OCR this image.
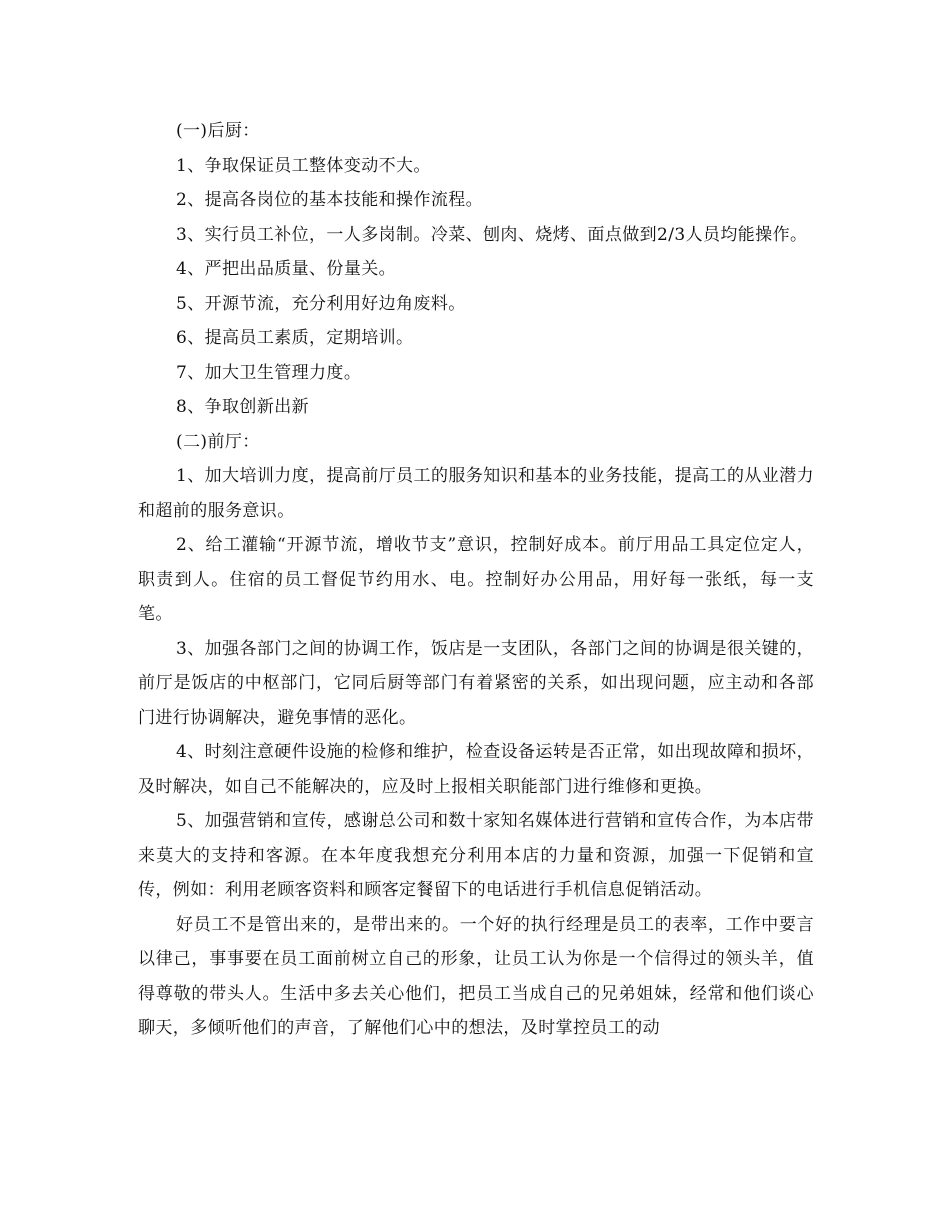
(一)后厨：

1、争取保证员工整体变动不大。

2、提高各岗位的基本技能和操作流程。

3、实行员工补位，一人多岗制。冷菜、刨肉、烧烤、面点做到2/3人员均能操作。

4、严把出品质量、份量关。

5、开源节流，充分利用好边角废料。

6、提高员工素质，定期培训。

7、加大卫生管理力度。

8、争取创新出新

(二)前厅：

1、加大培训力度，提高前厅员工的服务知识和基本的业务技能，提高工的从业潜力和超前的服务意识。

2、给工灌输“开源节流，增收节支”意识，控制好成本。前厅用品工具定位定人，职责到人。住宿的员工督促节约用水、电。控制好办公用品，用好每一张纸，每一支笔。

3、加强各部门之间的协调工作，饭店是一支团队，各部门之间的协调是很关键的，前厅是饭店的中枢部门，它同后厨等部门有着紧密的关系，如出现问题，应主动和各部门进行协调解决，避免事情的恶化。

4、时刻注意硬件设施的检修和维护，检查设备运转是否正常，如出现故障和损坏，及时解决，如自己不能解决的，应及时上报相关职能部门进行维修和更换。

5、加强营销和宣传，感谢总公司和数十家知名媒体进行营销和宣传合作，为本店带来莫大的支持和客源。在本年度我想充分利用本店的力量和资源，加强一下促销和宣传，例如：利用老顾客资料和顾客定餐留下的电话进行手机信息促销活动。

好员工不是管出来的，是带出来的。一个好的执行经理是员工的表率，工作中要言以律己，事事要在员工面前树立自己的形象，让员工认为你是一个信得过的领头羊，值得尊敬的带头人。生活中多去关心他们，把员工当成自己的兄弟姐妹，经常和他们谈心聊天，多倾听他们的声音，了解他们心中的想法，及时掌控员工的动
